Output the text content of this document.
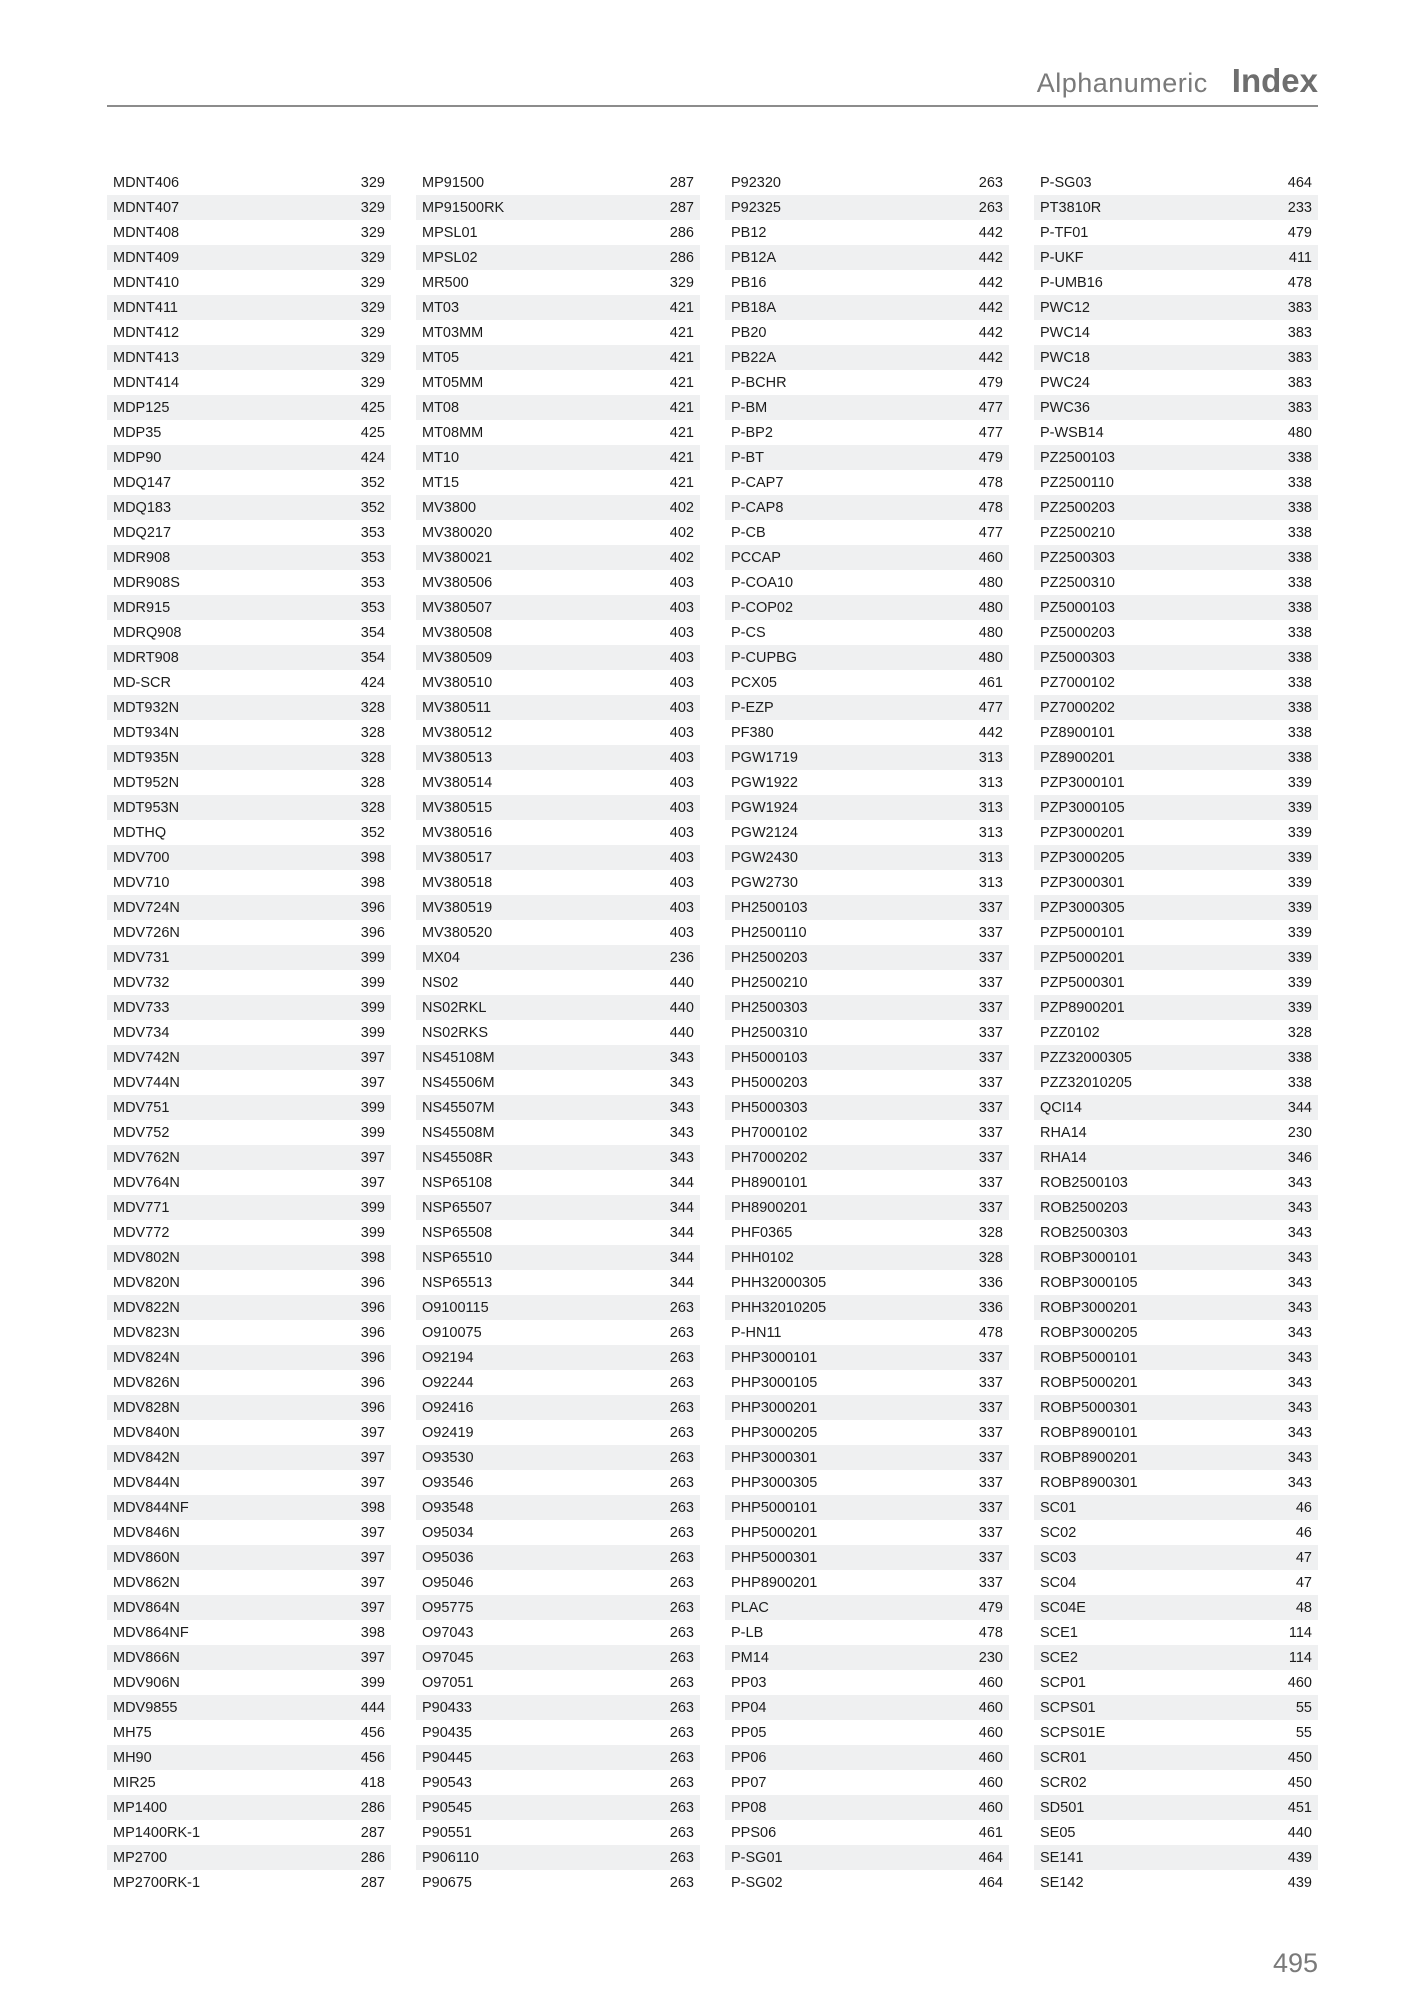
Alphanumeric Index
MDNT406	329
MDNT407	329
MDNT408	329
MDNT409	329
MDNT410	329
MDNT411	329
MDNT412	329
MDNT413	329
MDNT414	329
MDP125	425
MDP35	425
MDP90	424
MDQ147	352
MDQ183	352
MDQ217	353
MDR908	353
MDR908S	353
MDR915	353
MDRQ908	354
MDRT908	354
MD-SCR	424
MDT932N	328
MDT934N	328
MDT935N	328
MDT952N	328
MDT953N	328
MDTHQ	352
MDV700	398
MDV710	398
MDV724N	396
MDV726N	396
MDV731	399
MDV732	399
MDV733	399
MDV734	399
MDV742N	397
MDV744N	397
MDV751	399
MDV752	399
MDV762N	397
MDV764N	397
MDV771	399
MDV772	399
MDV802N	398
MDV820N	396
MDV822N	396
MDV823N	396
MDV824N	396
MDV826N	396
MDV828N	396
MDV840N	397
MDV842N	397
MDV844N	397
MDV844NF	398
MDV846N	397
MDV860N	397
MDV862N	397
MDV864N	397
MDV864NF	398
MDV866N	397
MDV906N	399
MDV9855	444
MH75	456
MH90	456
MIR25	418
MP1400	286
MP1400RK-1	287
MP2700	286
MP2700RK-1	287
MP91500	287
MP91500RK	287
MPSL01	286
MPSL02	286
MR500	329
MT03	421
MT03MM	421
MT05	421
MT05MM	421
MT08	421
MT08MM	421
MT10	421
MT15	421
MV3800	402
MV380020	402
MV380021	402
MV380506	403
MV380507	403
MV380508	403
MV380509	403
MV380510	403
MV380511	403
MV380512	403
MV380513	403
MV380514	403
MV380515	403
MV380516	403
MV380517	403
MV380518	403
MV380519	403
MV380520	403
MX04	236
NS02	440
NS02RKL	440
NS02RKS	440
NS45108M	343
NS45506M	343
NS45507M	343
NS45508M	343
NS45508R	343
NSP65108	344
NSP65507	344
NSP65508	344
NSP65510	344
NSP65513	344
O9100115	263
O910075	263
O92194	263
O92244	263
O92416	263
O92419	263
O93530	263
O93546	263
O93548	263
O95034	263
O95036	263
O95046	263
O95775	263
O97043	263
O97045	263
O97051	263
P90433	263
P90435	263
P90445	263
P90543	263
P90545	263
P90551	263
P906110	263
P90675	263
P92320	263
P92325	263
PB12	442
PB12A	442
PB16	442
PB18A	442
PB20	442
PB22A	442
P-BCHR	479
P-BM	477
P-BP2	477
P-BT	479
P-CAP7	478
P-CAP8	478
P-CB	477
PCCAP	460
P-COA10	480
P-COP02	480
P-CS	480
P-CUPBG	480
PCX05	461
P-EZP	477
PF380	442
PGW1719	313
PGW1922	313
PGW1924	313
PGW2124	313
PGW2430	313
PGW2730	313
PH2500103	337
PH2500110	337
PH2500203	337
PH2500210	337
PH2500303	337
PH2500310	337
PH5000103	337
PH5000203	337
PH5000303	337
PH7000102	337
PH7000202	337
PH8900101	337
PH8900201	337
PHF0365	328
PHH0102	328
PHH32000305	336
PHH32010205	336
P-HN11	478
PHP3000101	337
PHP3000105	337
PHP3000201	337
PHP3000205	337
PHP3000301	337
PHP3000305	337
PHP5000101	337
PHP5000201	337
PHP5000301	337
PHP8900201	337
PLAC	479
P-LB	478
PM14	230
PP03	460
PP04	460
PP05	460
PP06	460
PP07	460
PP08	460
PPS06	461
P-SG01	464
P-SG02	464
P-SG03	464
PT3810R	233
P-TF01	479
P-UKF	411
P-UMB16	478
PWC12	383
PWC14	383
PWC18	383
PWC24	383
PWC36	383
P-WSB14	480
PZ2500103	338
PZ2500110	338
PZ2500203	338
PZ2500210	338
PZ2500303	338
PZ2500310	338
PZ5000103	338
PZ5000203	338
PZ5000303	338
PZ7000102	338
PZ7000202	338
PZ8900101	338
PZ8900201	338
PZP3000101	339
PZP3000105	339
PZP3000201	339
PZP3000205	339
PZP3000301	339
PZP3000305	339
PZP5000101	339
PZP5000201	339
PZP5000301	339
PZP8900201	339
PZZ0102	328
PZZ32000305	338
PZZ32010205	338
QCI14	344
RHA14	230
RHA14	346
ROB2500103	343
ROB2500203	343
ROB2500303	343
ROBP3000101	343
ROBP3000105	343
ROBP3000201	343
ROBP3000205	343
ROBP5000101	343
ROBP5000201	343
ROBP5000301	343
ROBP8900101	343
ROBP8900201	343
ROBP8900301	343
SC01	46
SC02	46
SC03	47
SC04	47
SC04E	48
SCE1	114
SCE2	114
SCP01	460
SCPS01	55
SCPS01E	55
SCR01	450
SCR02	450
SD501	451
SE05	440
SE141	439
SE142	439
495
